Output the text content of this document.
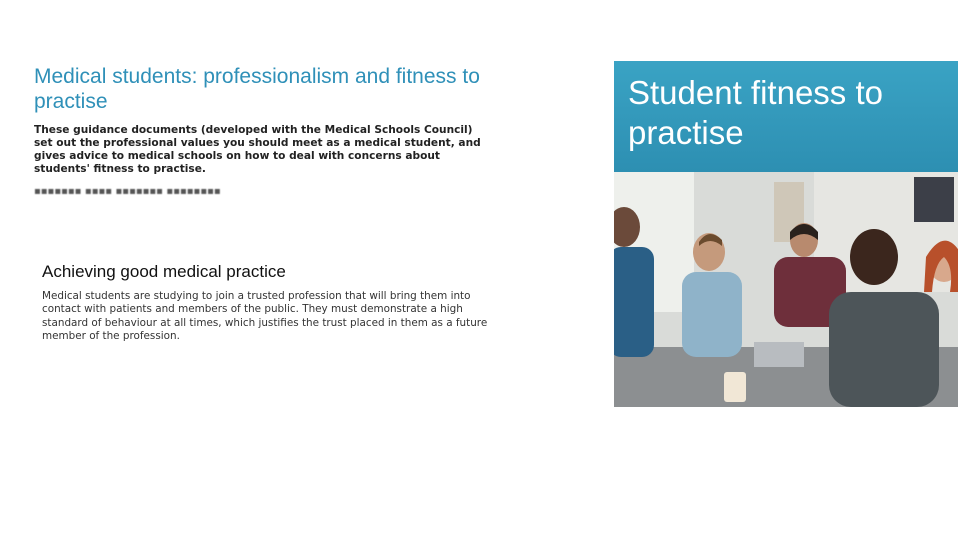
Medical students: professionalism and fitness to practise
These guidance documents (developed with the Medical Schools Council) set out the professional values you should meet as a medical student, and gives advice to medical schools on how to deal with concerns about students' fitness to practise.
▪▪▪▪▪▪▪ ▪▪▪▪ ▪▪▪▪▪▪▪ ▪▪▪▪▪▪▪▪
Achieving good medical practice
Medical students are studying to join a trusted profession that will bring them into contact with patients and members of the public. They must demonstrate a high standard of behaviour at all times, which justifies the trust placed in them as a future member of the profession.
Student fitness to practise
